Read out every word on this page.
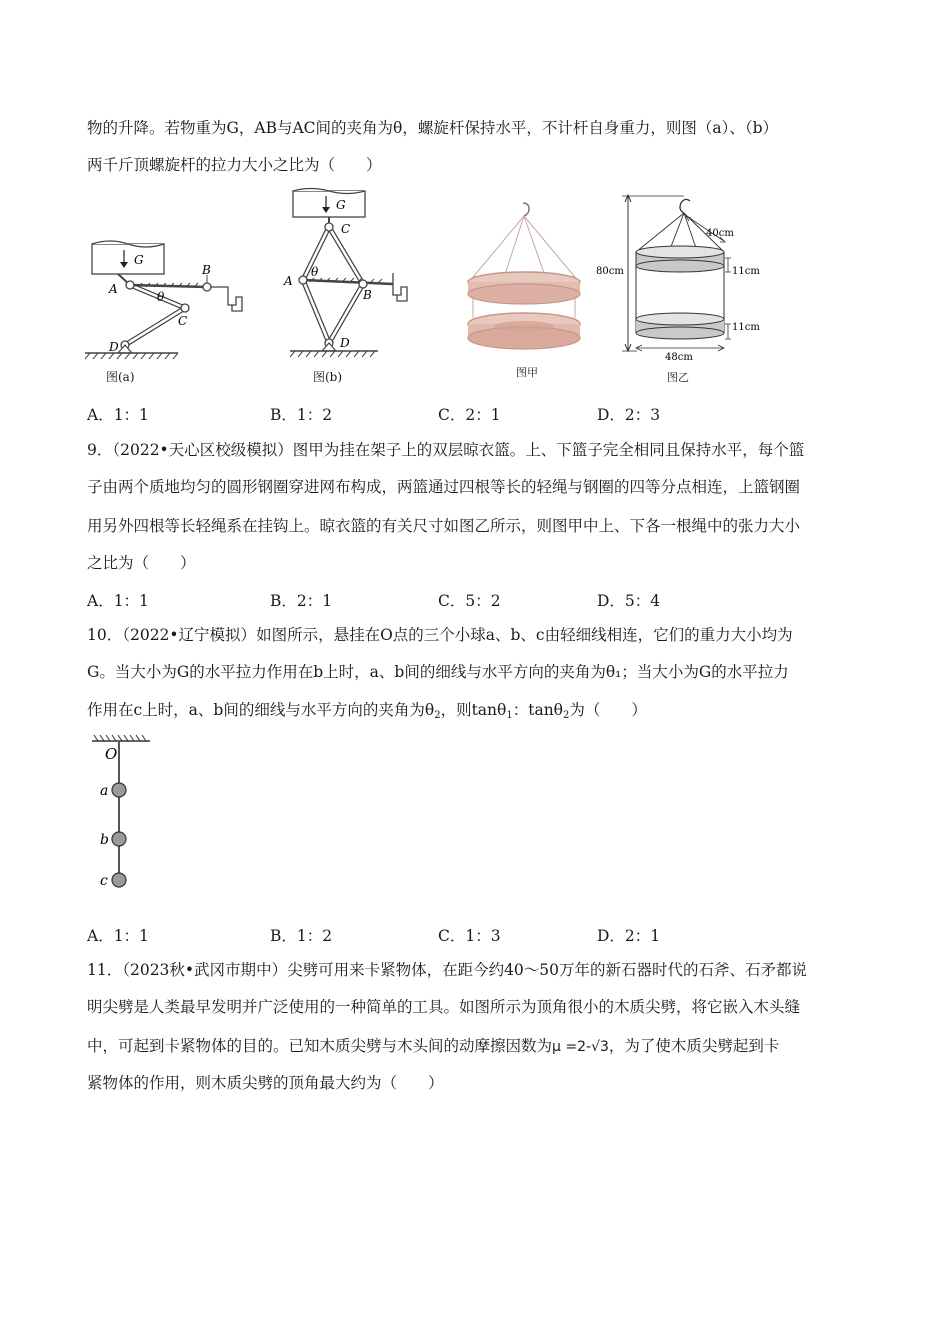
物的升降。若物重为G，AB与AC间的夹角为θ，螺旋杆保持水平，不计杆自身重力，则图（a）、（b）
两千斤顶螺旋杆的拉力大小之比为（　　）
G
A
B
C
D
θ
图(a)
G
A
B
C
D
θ
图(b)	图甲
80cm
40cm
11cm
11cm
48cm
图乙
A．1：1	B．1：2	C．2：1	D．2：3
9．（2022•天心区校级模拟）图甲为挂在架子上的双层晾衣篮。上、下篮子完全相同且保持水平，每个篮
子由两个质地均匀的圆形钢圈穿进网布构成，两篮通过四根等长的轻绳与钢圈的四等分点相连，上篮钢圈
用另外四根等长轻绳系在挂钩上。晾衣篮的有关尺寸如图乙所示，则图甲中上、下各一根绳中的张力大小
之比为（　　）
A．1：1	B．2：1	C．5：2	D．5：4
10．（2022•辽宁模拟）如图所示，悬挂在O点的三个小球a、b、c由轻细线相连，它们的重力大小均为
G。当大小为G的水平拉力作用在b上时，a、b间的细线与水平方向的夹角为θ₁；当大小为G的水平拉力
作用在c上时，a、b间的细线与水平方向的夹角为$\theta_2$，则tanθ$_1$：tanθ$_2$为（　　）
O
a
b
c
A．1：1	B．1：2	C．1：3	D．2：1
11．（2023秋•武冈市期中）尖劈可用来卡紧物体，在距今约40～50万年的新石器时代的石斧、石矛都说
明尖劈是人类最早发明并广泛使用的一种简单的工具。如图所示为顶角很小的木质尖劈，将它嵌入木头缝
中，可起到卡紧物体的目的。已知木质尖劈与木头间的动摩擦因数为μ =2-√3，为了使木质尖劈起到卡
紧物体的作用，则木质尖劈的顶角最大约为（　　）
